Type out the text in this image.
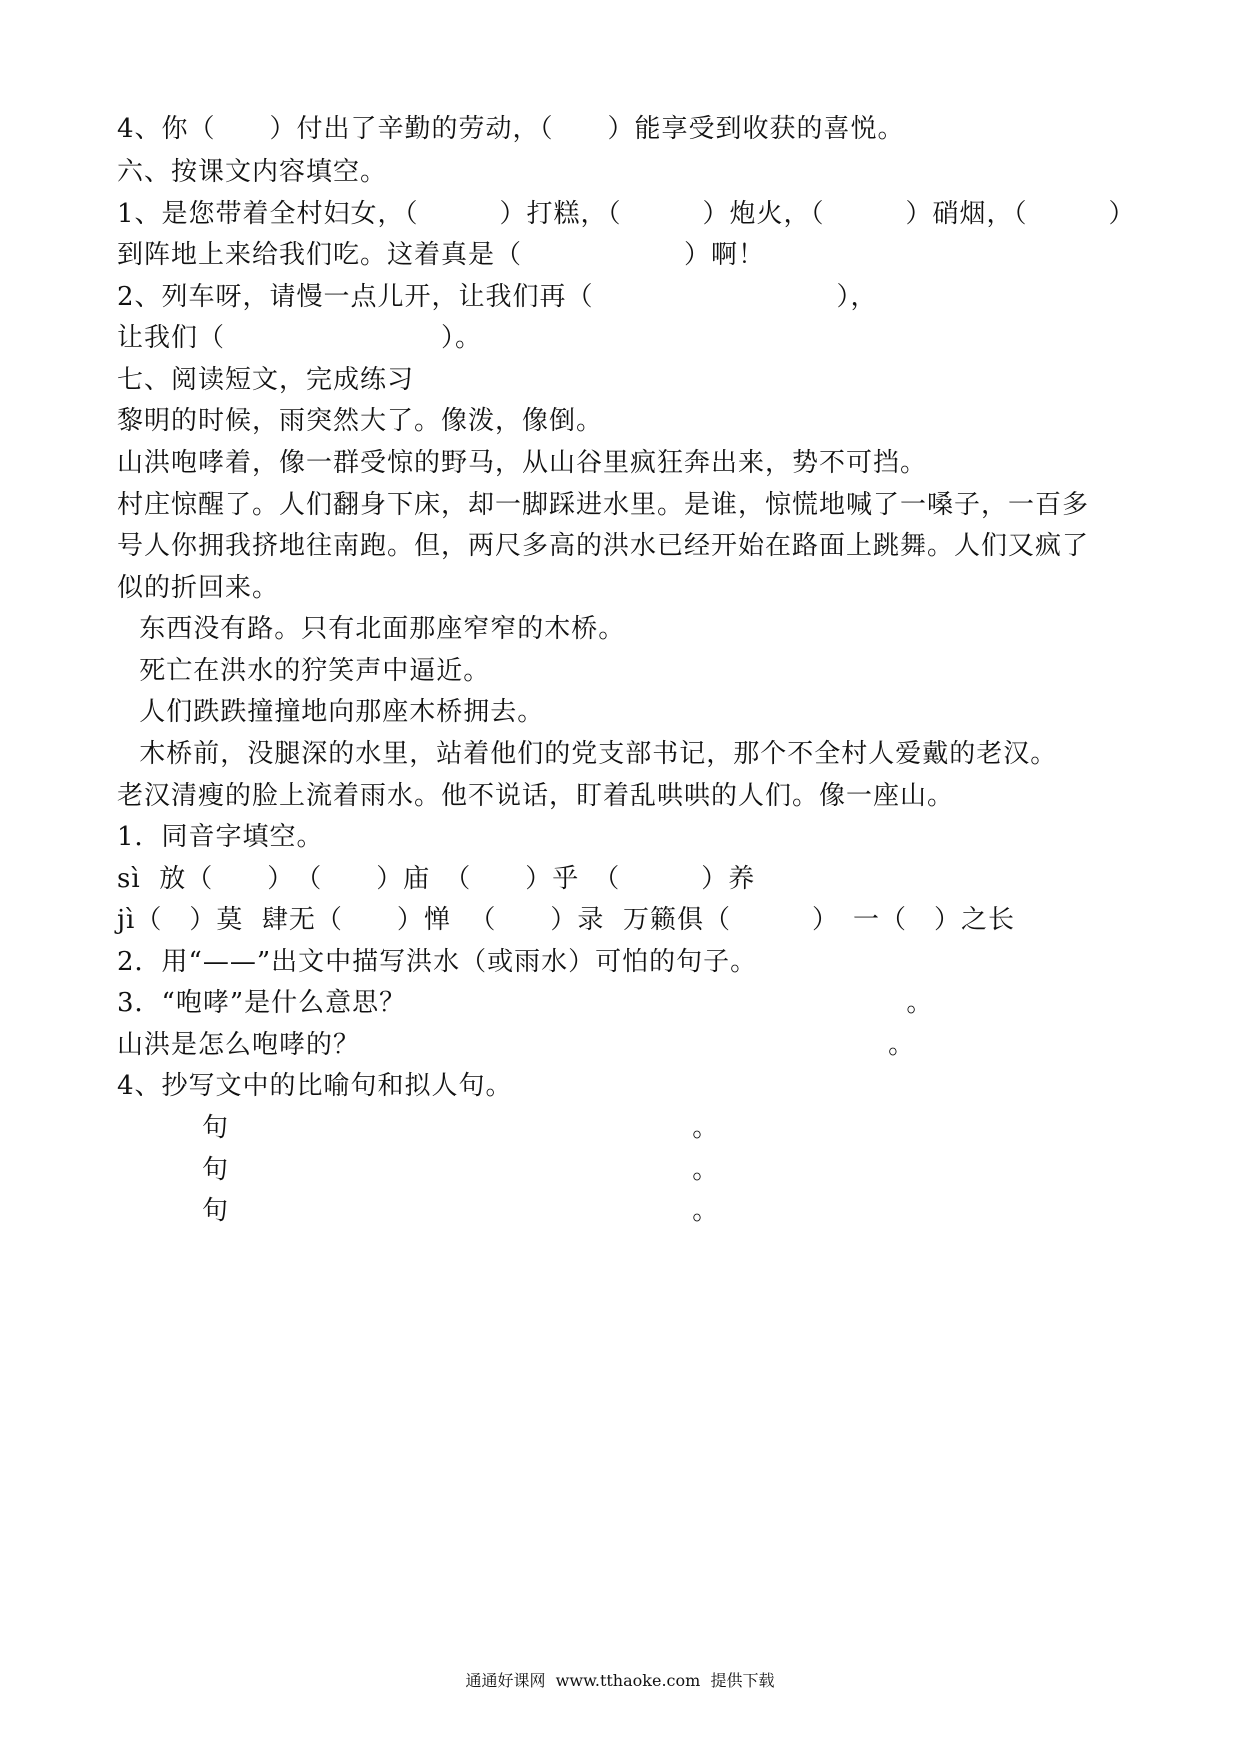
4、你（　　）付出了辛勤的劳动，（　　）能享受到收获的喜悦。
六、按课文内容填空。
1、是您带着全村妇女，（　　　）打糕，（　　　）炮火，（　　　）硝烟，（　　　）
到阵地上来给我们吃。这着真是（　　　　　　）啊！
2、列车呀，请慢一点儿开，让我们再（　　　　　　　　　），
让我们（　　　　　　　　）。
七、阅读短文，完成练习
黎明的时候，雨突然大了。像泼，像倒。
山洪咆哮着，像一群受惊的野马，从山谷里疯狂奔出来，势不可挡。
村庄惊醒了。人们翻身下床，却一脚踩进水里。是谁，惊慌地喊了一嗓子，一百多
号人你拥我挤地往南跑。但，两尺多高的洪水已经开始在路面上跳舞。人们又疯了
似的折回来。
东西没有路。只有北面那座窄窄的木桥。
死亡在洪水的狞笑声中逼近。
人们跌跌撞撞地向那座木桥拥去。
木桥前，没腿深的水里，站着他们的党支部书记，那个不全村人爱戴的老汉。
老汉清瘦的脸上流着雨水。他不说话，盯着乱哄哄的人们。像一座山。
1．同音字填空。
sì  放（　　）　（　　）庙　（　　）乎　（　　　）养
jì（　）莫  肆无（　　）惮  （　　）录  万籁俱（　　　）　一（　）之长
2．用“——”出文中描写洪水（或雨水）可怕的句子。
3．“咆哮”是什么意思？                                                      。
山洪是怎么咆哮的？                                                         。
4、抄写文中的比喻句和拟人句。
句                                                  。
句                                                  。
句                                                  。
通通好课网  www.tthaoke.com  提供下载
